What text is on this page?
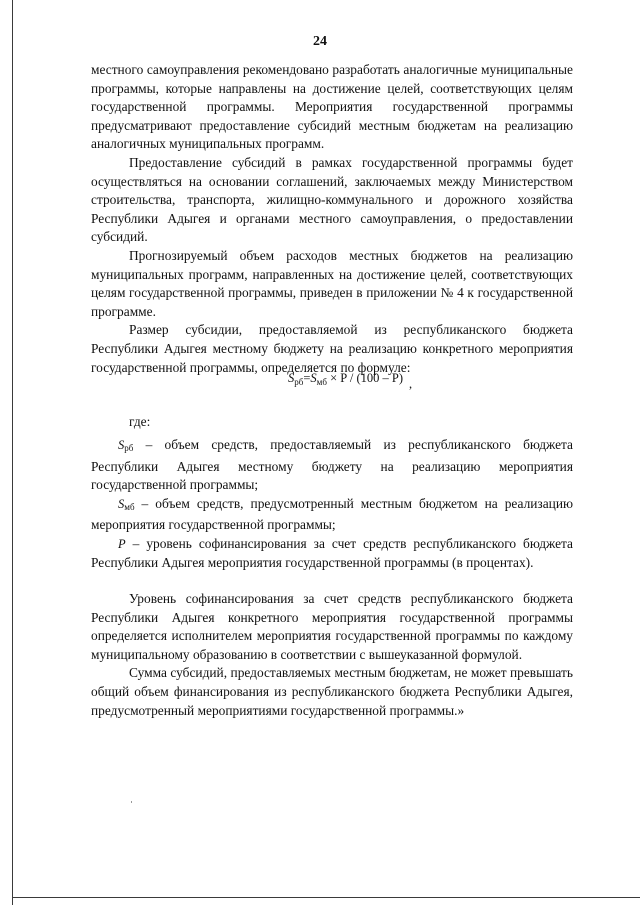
24

местного самоуправления рекомендовано разработать аналогичные муниципальные программы, которые направлены на достижение целей, соответствующих целям государственной программы. Мероприятия государственной программы предусматривают предоставление субсидий местным бюджетам на реализацию аналогичных муниципальных программ.

Предоставление субсидий в рамках государственной программы будет осуществляться на основании соглашений, заключаемых между Министерством строительства, транспорта, жилищно-коммунального и дорожного хозяйства Республики Адыгея и органами местного самоуправления, о предоставлении субсидий.

Прогнозируемый объем расходов местных бюджетов на реализацию муниципальных программ, направленных на достижение целей, соответствующих целям государственной программы, приведен в приложении № 4 к государственной программе.

Размер субсидии, предоставляемой из республиканского бюджета Республики Адыгея местному бюджету на реализацию конкретного мероприятия государственной программы, определяется по формуле:

$S_{рб}=S_{мб} \times P / (100 - P)$ ,
где:

$S_{рб}$ – объем средств, предоставляемый из республиканского бюджета Республики Адыгея местному бюджету на реализацию мероприятия государственной программы;

$S_{мб}$ – объем средств, предусмотренный местным бюджетом на реализацию мероприятия государственной программы;

P – уровень софинансирования за счет средств республиканского бюджета Республики Адыгея мероприятия государственной программы (в процентах).

Уровень софинансирования за счет средств республиканского бюджета Республики Адыгея конкретного мероприятия государственной программы определяется исполнителем мероприятия государственной программы по каждому муниципальному образованию в соответствии с вышеуказанной формулой.

Сумма субсидий, предоставляемых местным бюджетам, не может превышать общий объем финансирования из республиканского бюджета Республики Адыгея, предусмотренный мероприятиями государственной программы.»
